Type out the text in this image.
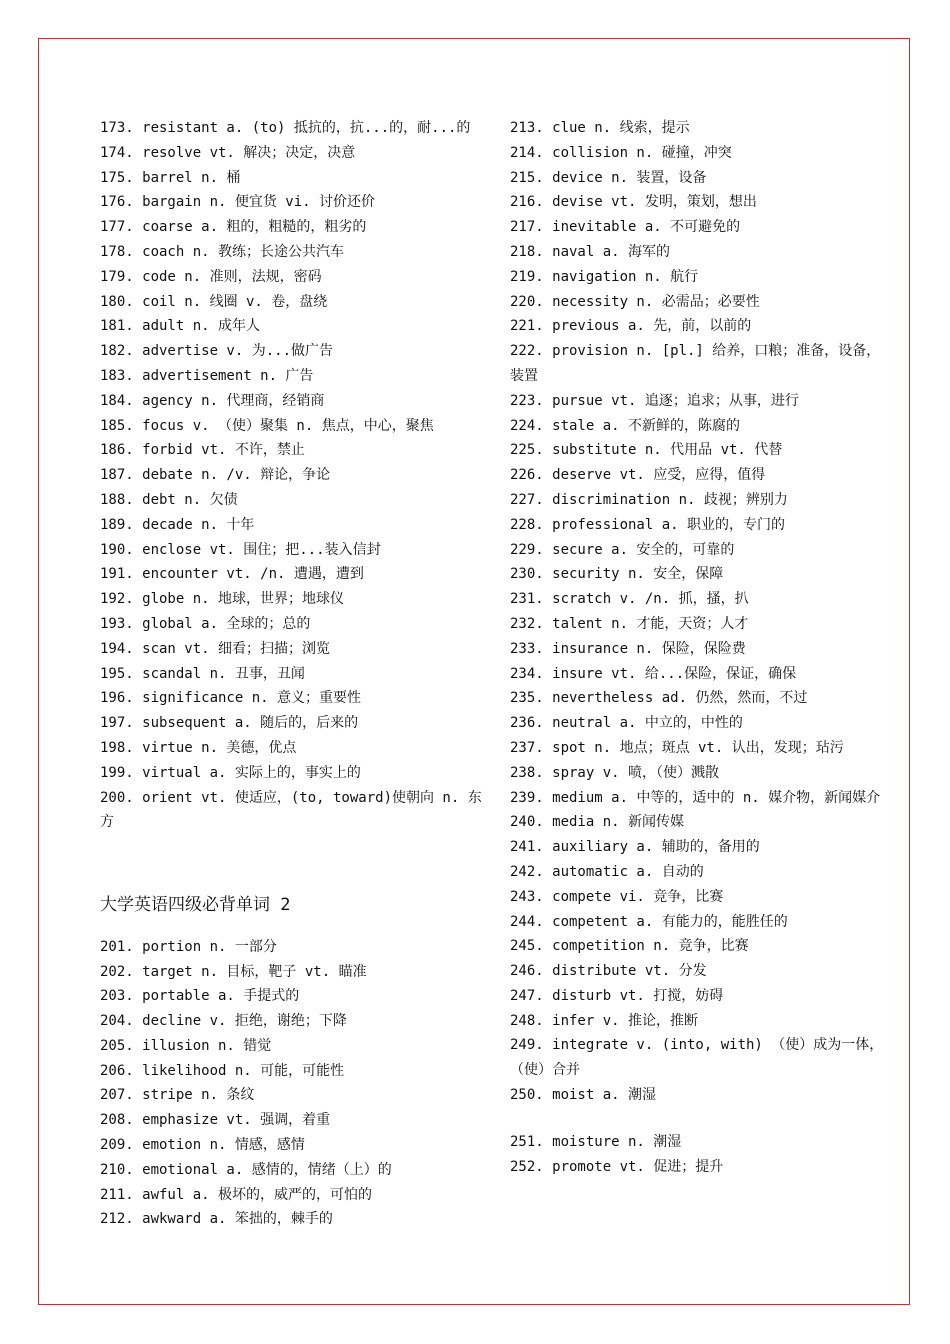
173. resistant a. (to) 抵抗的，抗...的，耐...的
174. resolve vt. 解决；决定，决意
175. barrel n. 桶
176. bargain n. 便宜货 vi. 讨价还价
177. coarse a. 粗的，粗糙的，粗劣的
178. coach n. 教练；长途公共汽车
179. code n. 准则，法规，密码
180. coil n. 线圈 v. 卷，盘绕
181. adult n. 成年人
182. advertise v. 为...做广告
183. advertisement n. 广告
184. agency n. 代理商，经销商
185. focus v. （使）聚集 n. 焦点，中心，聚焦
186. forbid vt. 不许，禁止
187. debate n. /v. 辩论，争论
188. debt n. 欠债
189. decade n. 十年
190. enclose vt. 围住；把...装入信封
191. encounter vt. /n. 遭遇，遭到
192. globe n. 地球，世界；地球仪
193. global a. 全球的；总的
194. scan vt. 细看；扫描；浏览
195. scandal n. 丑事，丑闻
196. significance n. 意义；重要性
197. subsequent a. 随后的，后来的
198. virtue n. 美德，优点
199. virtual a. 实际上的，事实上的
200. orient vt. 使适应，(to, toward)使朝向 n. 东方
大学英语四级必背单词 2
201. portion n. 一部分
202. target n. 目标，靶子 vt. 瞄准
203. portable a. 手提式的
204. decline v. 拒绝，谢绝；下降
205. illusion n. 错觉
206. likelihood n. 可能，可能性
207. stripe n. 条纹
208. emphasize vt. 强调，着重
209. emotion n. 情感，感情
210. emotional a. 感情的，情绪（上）的
211. awful a. 极坏的，威严的，可怕的
212. awkward a. 笨拙的，棘手的
213. clue n. 线索，提示
214. collision n. 碰撞，冲突
215. device n. 装置，设备
216. devise vt. 发明，策划，想出
217. inevitable a. 不可避免的
218. naval a. 海军的
219. navigation n. 航行
220. necessity n. 必需品；必要性
221. previous a. 先，前，以前的
222. provision n. [pl.] 给养，口粮；准备，设备，装置
223. pursue vt. 追逐；追求；从事，进行
224. stale a. 不新鲜的，陈腐的
225. substitute n. 代用品 vt. 代替
226. deserve vt. 应受，应得，值得
227. discrimination n. 歧视；辨别力
228. professional a. 职业的，专门的
229. secure a. 安全的，可靠的
230. security n. 安全，保障
231. scratch v. /n. 抓，搔，扒
232. talent n. 才能，天资；人才
233. insurance n. 保险，保险费
234. insure vt. 给...保险，保证，确保
235. nevertheless ad. 仍然，然而，不过
236. neutral a. 中立的，中性的
237. spot n. 地点；斑点 vt. 认出，发现；玷污
238. spray v. 喷，（使）溅散
239. medium a. 中等的，适中的 n. 媒介物，新闻媒介
240. media n. 新闻传媒
241. auxiliary a. 辅助的，备用的
242. automatic a. 自动的
243. compete vi. 竞争，比赛
244. competent a. 有能力的，能胜任的
245. competition n. 竞争，比赛
246. distribute vt. 分发
247. disturb vt. 打搅，妨碍
248. infer v. 推论，推断
249. integrate v. (into, with) （使）成为一体，（使）合并
250. moist a. 潮湿
251. moisture n. 潮湿
252. promote vt. 促进；提升
